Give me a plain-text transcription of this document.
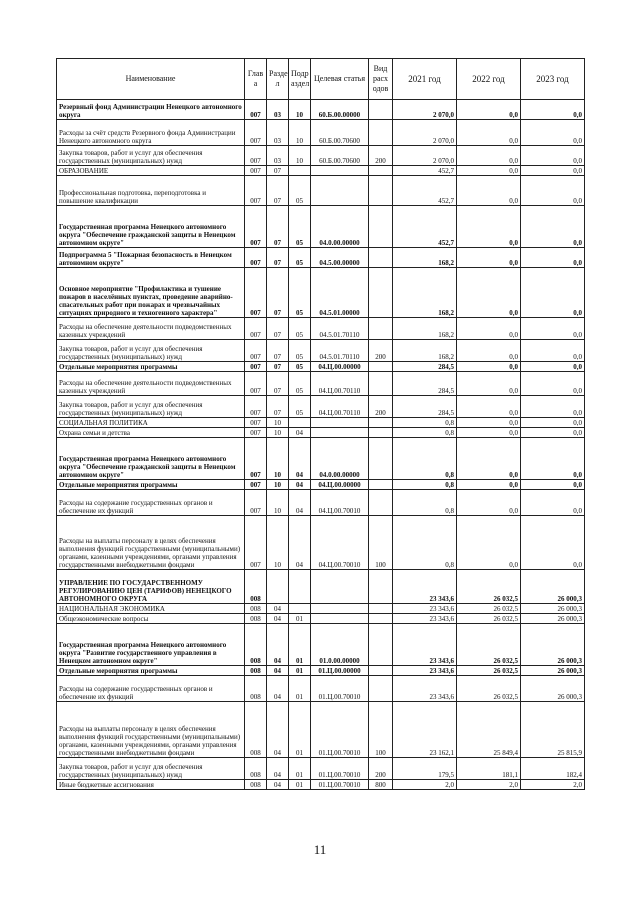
Наименование	Глав а	Разде л	Подр аздел	Целевая статья	Вид расх одов	2021 год	2022 год	2023 год
Резервный фонд Администрации Ненецкого автономного округа	007	03	10	60.Б.00.00000		2 070,0	0,0	0,0
Расходы за счёт средств Резервного фонда Администрации Ненецкого автономного округа	007	03	10	60.Б.00.70600		2 070,0	0,0	0,0
Закупка товаров, работ и услуг для обеспечения государственных (муниципальных) нужд	007	03	10	60.Б.00.70600	200	2 070,0	0,0	0,0
ОБРАЗОВАНИЕ	007	07				452,7	0,0	0,0
Профессиональная подготовка, переподготовка и повышение квалификации	007	07	05			452,7	0,0	0,0
Государственная программа Ненецкого автономного округа "Обеспечение гражданской защиты в Ненецком автономном округе"	007	07	05	04.0.00.00000		452,7	0,0	0,0
Подпрограмма 5 "Пожарная безопасность в Ненецком автономном округе"	007	07	05	04.5.00.00000		168,2	0,0	0,0
Основное мероприятие "Профилактика и тушение пожаров в населённых пунктах, проведение аварийно-спасательных работ при пожарах и чрезвычайных ситуациях природного и техногенного характера"	007	07	05	04.5.01.00000		168,2	0,0	0,0
Расходы на обеспечение деятельности подведомственных казенных учреждений	007	07	05	04.5.01.70110		168,2	0,0	0,0
Закупка товаров, работ и услуг для обеспечения государственных (муниципальных) нужд	007	07	05	04.5.01.70110	200	168,2	0,0	0,0
Отдельные мероприятия программы	007	07	05	04.Ц.00.00000		284,5	0,0	0,0
Расходы на обеспечение деятельности подведомственных казенных учреждений	007	07	05	04.Ц.00.70110		284,5	0,0	0,0
Закупка товаров, работ и услуг для обеспечения государственных (муниципальных) нужд	007	07	05	04.Ц.00.70110	200	284,5	0,0	0,0
СОЦИАЛЬНАЯ ПОЛИТИКА	007	10				0,8	0,0	0,0
Охрана семьи и детства	007	10	04			0,8	0,0	0,0
Государственная программа Ненецкого автономного округа "Обеспечение гражданской защиты в Ненецком автономном округе"	007	10	04	04.0.00.00000		0,8	0,0	0,0
Отдельные мероприятия программы	007	10	04	04.Ц.00.00000		0,8	0,0	0,0
Расходы на содержание государственных органов и обеспечение их функций	007	10	04	04.Ц.00.70010		0,8	0,0	0,0
Расходы на выплаты персоналу в целях обеспечения выполнения функций государственными (муниципальными) органами, казенными учреждениями, органами управления государственными внебюджетными фондами	007	10	04	04.Ц.00.70010	100	0,8	0,0	0,0
УПРАВЛЕНИЕ ПО ГОСУДАРСТВЕННОМУ РЕГУЛИРОВАНИЮ ЦЕН (ТАРИФОВ) НЕНЕЦКОГО АВТОНОМНОГО ОКРУГА	008					23 343,6	26 032,5	26 000,3
НАЦИОНАЛЬНАЯ ЭКОНОМИКА	008	04				23 343,6	26 032,5	26 000,3
Общеэкономические вопросы	008	04	01			23 343,6	26 032,5	26 000,3
Государственная программа Ненецкого автономного округа "Развитие государственного управления в Ненецком автономном округе"	008	04	01	01.0.00.00000		23 343,6	26 032,5	26 000,3
Отдельные мероприятия программы	008	04	01	01.Ц.00.00000		23 343,6	26 032,5	26 000,3
Расходы на содержание государственных органов и обеспечение их функций	008	04	01	01.Ц.00.70010		23 343,6	26 032,5	26 000,3
Расходы на выплаты персоналу в целях обеспечения выполнения функций государственными (муниципальными) органами, казенными учреждениями, органами управления государственными внебюджетными фондами	008	04	01	01.Ц.00.70010	100	23 162,1	25 849,4	25 815,9
Закупка товаров, работ и услуг для обеспечения государственных (муниципальных) нужд	008	04	01	01.Ц.00.70010	200	179,5	181,1	182,4
Иные бюджетные ассигнования	008	04	01	01.Ц.00.70010	800	2,0	2,0	2,0
11
